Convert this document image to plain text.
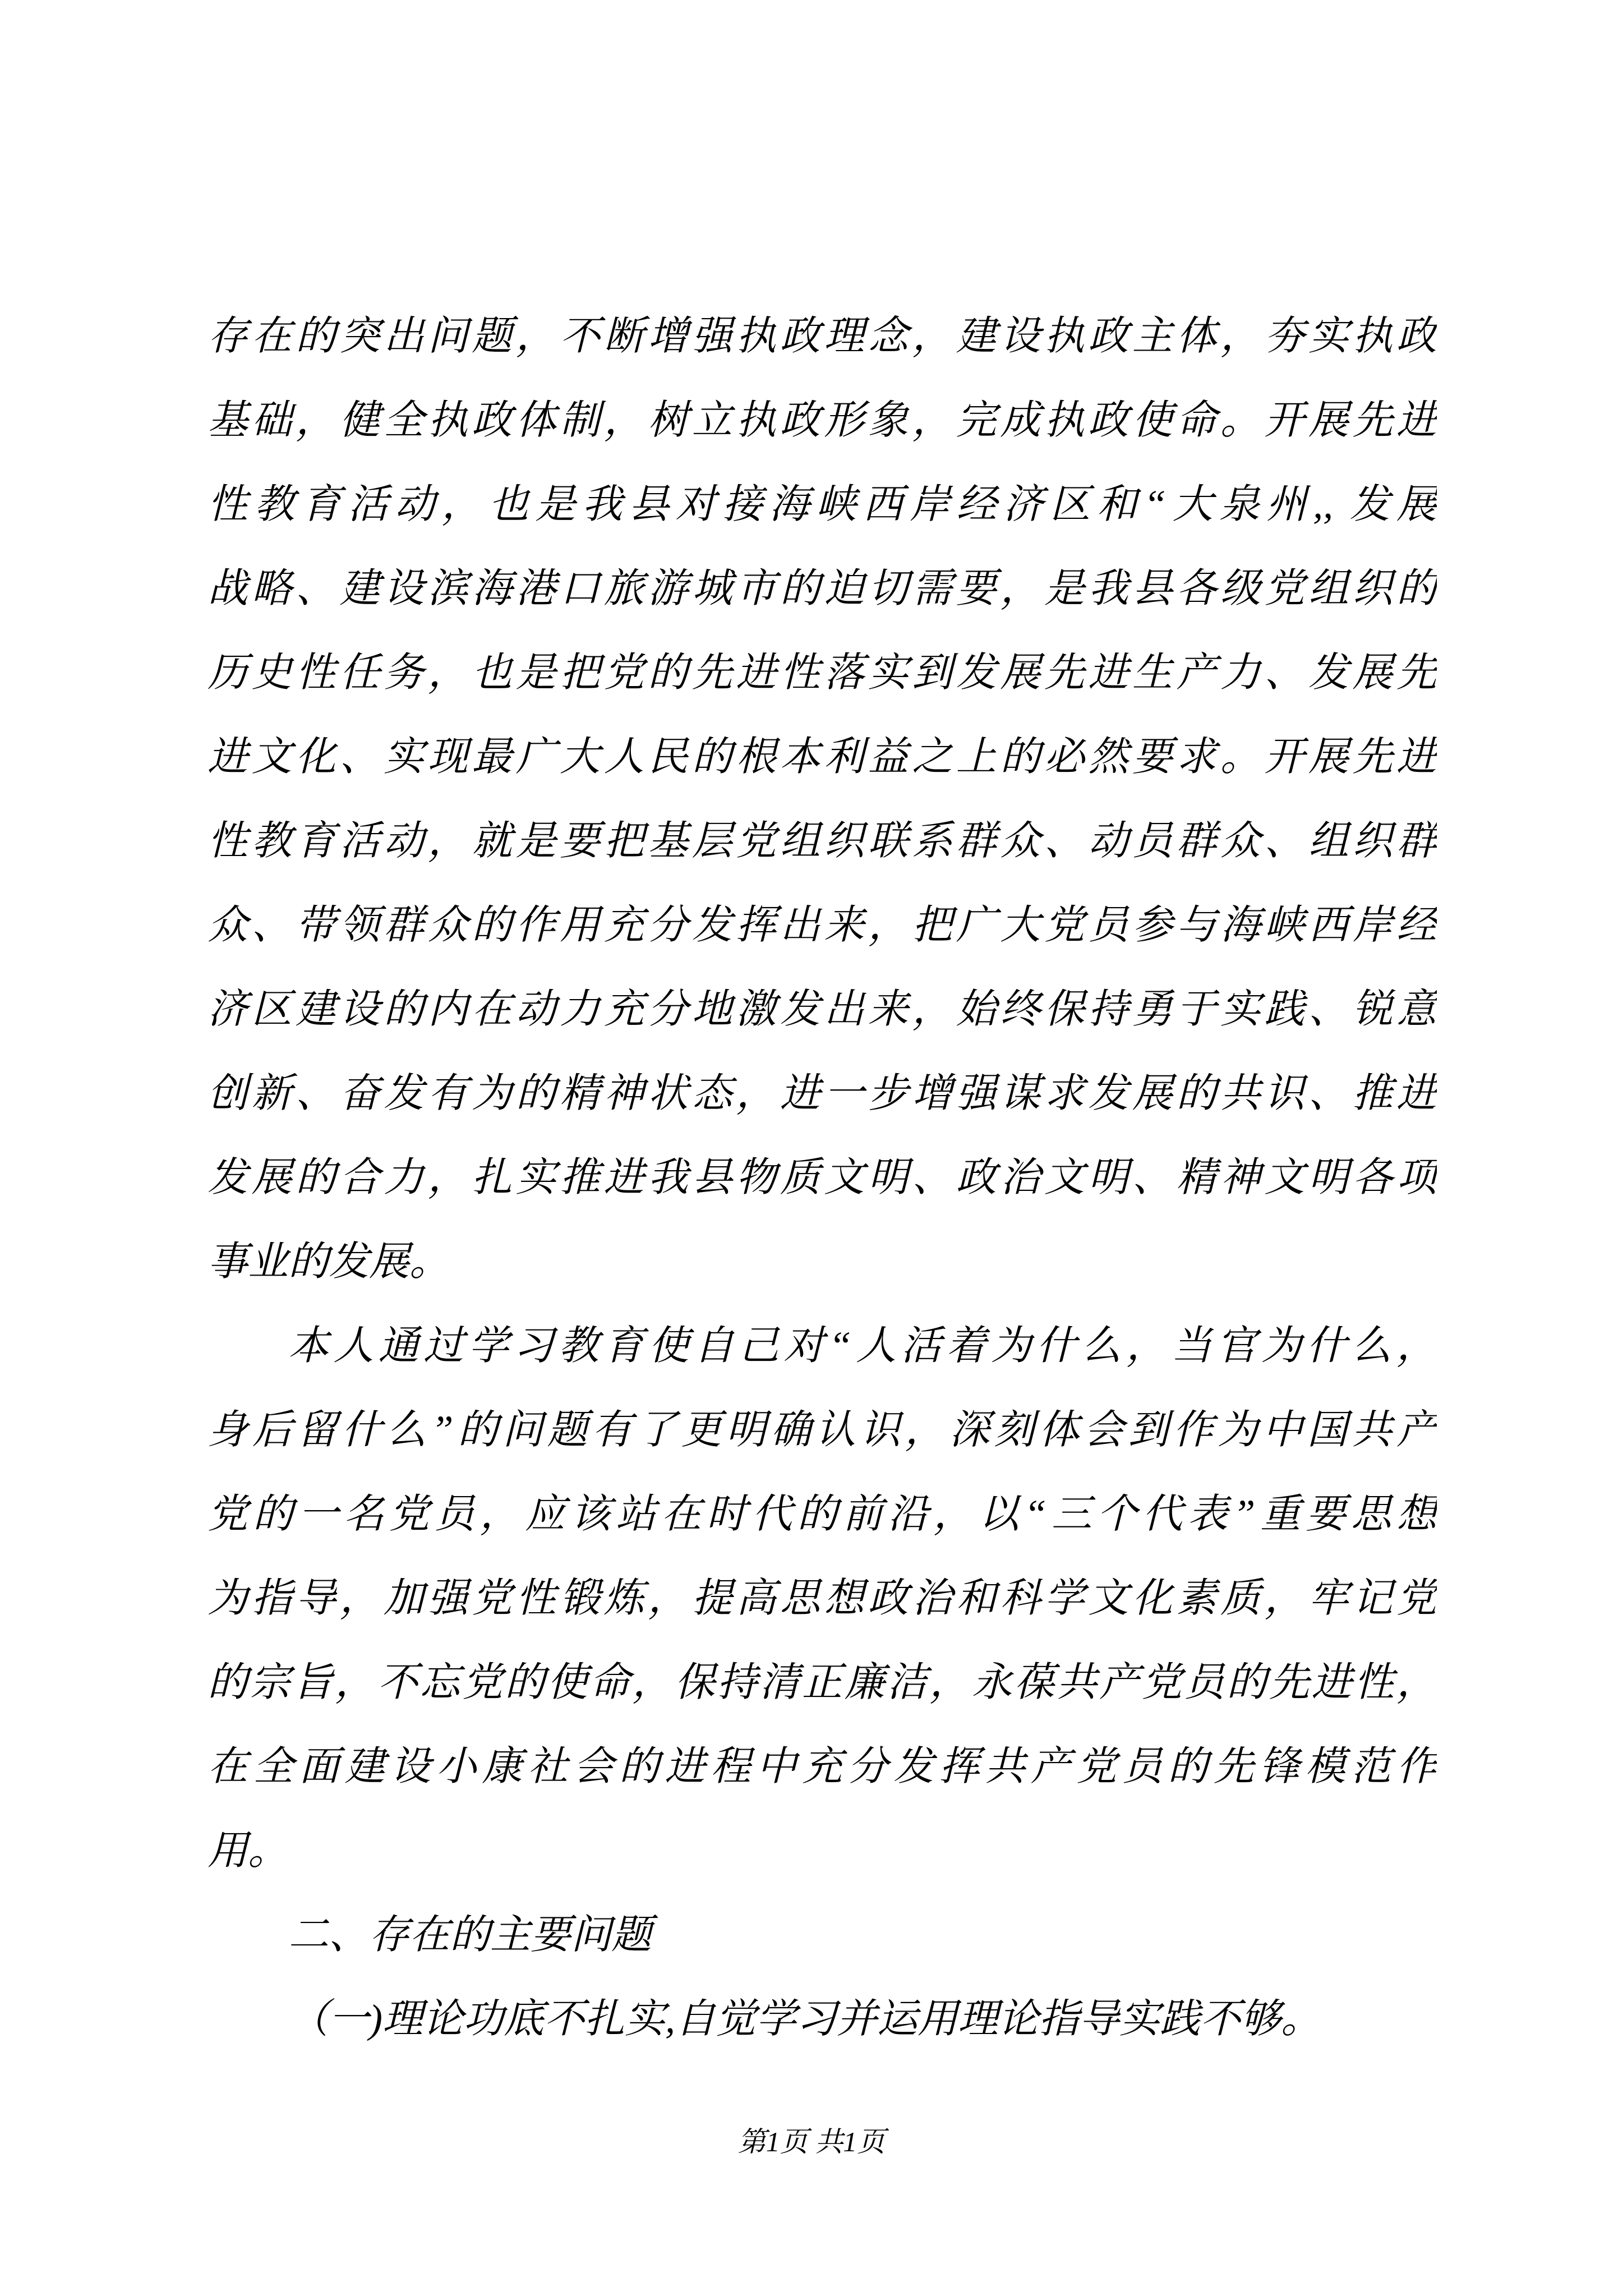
存在的突出问题，不断增强执政理念，建设执政主体，夯实执政
基础，健全执政体制，树立执政形象，完成执政使命。开展先进
性教育活动，也是我县对接海峡西岸经济区和“大泉州,, 发展
战略、建设滨海港口旅游城市的迫切需要，是我县各级党组织的
历史性任务，也是把党的先进性落实到发展先进生产力、发展先
进文化、实现最广大人民的根本利益之上的必然要求。开展先进
性教育活动，就是要把基层党组织联系群众、动员群众、组织群
众、带领群众的作用充分发挥出来，把广大党员参与海峡西岸经
济区建设的内在动力充分地激发出来，始终保持勇于实践、锐意
创新、奋发有为的精神状态，进一步增强谋求发展的共识、推进
发展的合力，扎实推进我县物质文明、政治文明、精神文明各项
事业的发展。
本人通过学习教育使自己对“人活着为什么，当官为什么，
身后留什么”的问题有了更明确认识，深刻体会到作为中国共产
党的一名党员，应该站在时代的前沿，以“三个代表”重要思想
为指导，加强党性锻炼，提高思想政治和科学文化素质，牢记党
的宗旨，不忘党的使命，保持清正廉洁，永葆共产党员的先进性，
在全面建设小康社会的进程中充分发挥共产党员的先锋模范作
用。
二、存在的主要问题
（一)理论功底不扎实,自觉学习并运用理论指导实践不够。
第1页 共1页
